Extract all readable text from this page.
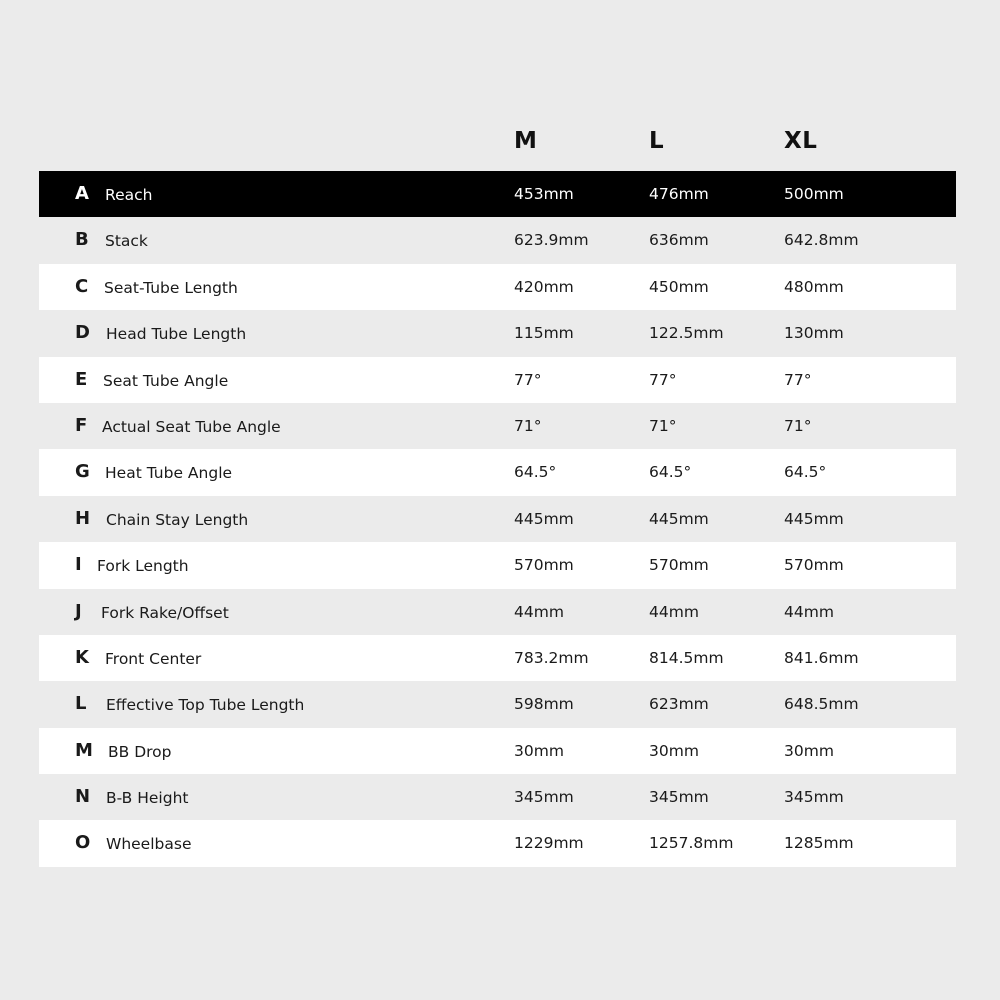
M	L	XL
A Reach	453mm	476mm	500mm
B Stack	623.9mm	636mm	642.8mm
C Seat-Tube Length	420mm	450mm	480mm
D Head Tube Length	115mm	122.5mm	130mm
E Seat Tube Angle	77°	77°	77°
F Actual Seat Tube Angle	71°	71°	71°
G Heat Tube Angle	64.5°	64.5°	64.5°
H Chain Stay Length	445mm	445mm	445mm
I Fork Length	570mm	570mm	570mm
J Fork Rake/Offset	44mm	44mm	44mm
K Front Center	783.2mm	814.5mm	841.6mm
L Effective Top Tube Length	598mm	623mm	648.5mm
M BB Drop	30mm	30mm	30mm
N B-B Height	345mm	345mm	345mm
O Wheelbase	1229mm	1257.8mm	1285mm
